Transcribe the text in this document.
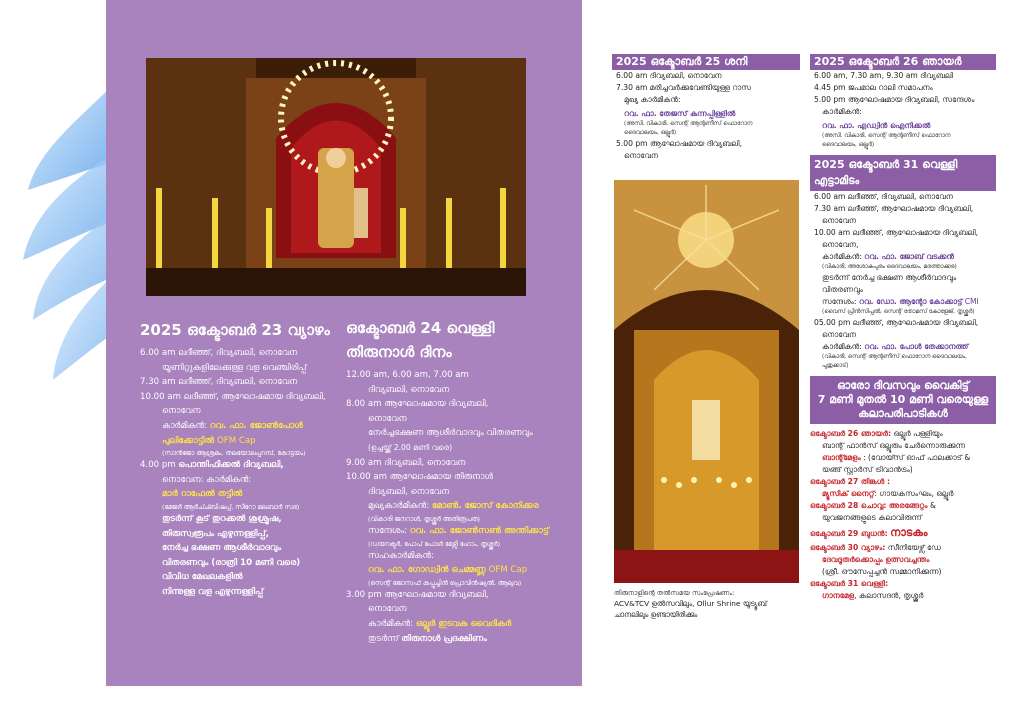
2025 ഒക്ടോബർ 23 വ്യാഴം
6.00 am ലദീഞ്ഞ്, ദിവ്യബലി, നൊവേന
യൂണിറ്റുകളിലേക്കുള്ള വള വെഞ്ചിരിപ്പ്
7.30 am ലദീഞ്ഞ്, ദിവ്യബലി, നൊവേന
10.00 am ലദീഞ്ഞ്, ആഘോഷമായ ദിവ്യബലി,
നൊവേന
കാർമികൻ: റവ. ഫാ. ജോൺപോൾ
പുലിക്കോട്ടിൽ OFM Cap
(സാൻജോ ആശ്രമം, തലയോലപ്പറമ്പ്, കോട്ടയം)
4.00 pm പൊന്തിഫിക്കൽ ദിവ്യബലി,
നൊവേന: കാർമികൻ:
മാർ റാഫേൽ തട്ടിൽ
(മേജർ ആർച്ച്ബിഷപ്പ്, സീറോ മലബാർ സഭ)
തുടർന്ന് കൂട് തുറക്കൽ ശുശ്രൂഷ,
തിരുസ്വരൂപം എഴുന്നള്ളിപ്പ്,
നേർച്ച ഭക്ഷണ ആശീർവാദവും
വിതരണവും (രാത്രി 10 മണി വരെ)
വിവിധ മേഖലകളിൽ
നിന്നുള്ള വള എഴുന്നള്ളിപ്പ്
ഒക്ടോബർ 24 വെള്ളി
തിരുനാൾ ദിനം
12.00 am, 6.00 am, 7.00 am
ദിവ്യബലി, നൊവേന
8.00 am ആഘോഷമായ ദിവ്യബലി,
നൊവേന
നേർച്ചഭക്ഷണ ആശീർവാദവും വിതരണവും
(ഉച്ചയ്ക്ക് 2.00 മണി വരെ)
9.00 am ദിവ്യബലി, നൊവേന
10.00 am ആഘോഷമായ തിരുനാൾ
ദിവ്യബലി, നൊവേന
മുഖ്യകാർമികൻ: മോൺ. ജോസ് കോനിക്കര
(വികാരി ജനറാൾ, തൃശ്ശൂർ അതിരൂപത)
സന്ദേശം: റവ. ഫാ. ജോൺസൺ അന്തിക്കാട്ട്
(ഡയറക്ടർ, പോപ് പോൾ മേഴ്സി ഹോം, തൃശ്ശൂർ)
സഹകാർമികൻ:
റവ. ഫാ. ഗോഡ്വിൻ ചെമ്മണ്ണ OFM Cap
(സെന്റ് ജോസഫ് കപ്പൂച്ചിൻ പ്രൊവിൻഷ്യൽ, ആലുവ)
3.00 pm ആഘോഷമായ ദിവ്യബലി,
നൊവേന
കാർമികൻ: ഒല്ലൂർ ഇടവക വൈദികർ
തുടർന്ന് തിരുനാൾ പ്രദക്ഷിണം
2025 ഒക്ടോബർ 25 ശനി
6.00 am ദിവ്യബലി, നൊവേന
7.30 am മരിച്ചവർക്കുവേണ്ടിയുള്ള റാസ
മുഖ്യ കാർമികൻ:
റവ. ഫാ. തേജസ് കുന്നപ്പിള്ളിൽ
(അസി. വികാരി, സെന്റ് ആന്റണീസ് ഫൊറോന
ദൈവാലയം, ഒല്ലൂർ)
5.00 pm ആഘോഷമായ ദിവ്യബലി,
നൊവേന
തിരുനാളിന്റെ തൽസമയ സംപ്രേഷണം:
ACV&TCV ഉൽസവിലും, Ollur Shrine യൂട്യൂബ്
ചാനലിലും ഉണ്ടായിരിക്കും
2025 ഒക്ടോബർ 26 ഞായർ
6.00 am, 7.30 am, 9.30 am ദിവ്യബലി
4.45 pm ജപമാല റാലി സമാപനം
5.00 pm ആഘോഷമായ ദിവ്യബലി, സന്ദേശം
കാർമികൻ:
റവ. ഫാ. എഡ്വിൻ ഐനിക്കൽ
(അസി. വികാരി, സെന്റ് ആന്റണീസ് ഫൊറോന
ദൈവാലയം, ഒല്ലൂർ)
2025 ഒക്ടോബർ 31 വെള്ളി
എട്ടാമിടം
6.00 am ലദീഞ്ഞ്, ദിവ്യബലി, നൊവേന
7.30 am ലദീഞ്ഞ്, ആഘോഷമായ ദിവ്യബലി,
നൊവേന
10.00 am ലദീഞ്ഞ്, ആഘോഷമായ ദിവ്യബലി,
നൊവേന,
കാർമികൻ: റവ. ഫാ. ജോബ് വടക്കൻ
(വികാരി, അശോകപുരം ദൈവാലയം, മരത്താക്കര)
തുടർന്ന് നേർച്ച ഭക്ഷണ ആശീർവാദവും
വിതരണവും
സന്ദേശം: റവ. ഡോ. ആന്റോ കോക്കാട്ട് CMI
(വൈസ് പ്രിൻസിപ്പൽ, സെന്റ് തോമസ് കോളേജ്, തൃശ്ശൂർ)
05.00 pm ലദീഞ്ഞ്, ആഘോഷമായ ദിവ്യബലി,
നൊവേന
കാർമികൻ: റവ. ഫാ. പോൾ തേക്കാനത്ത്
(വികാരി, സെന്റ് ആന്റണീസ് ഫൊറോന ദൈവാലയം,
പുതുക്കാട്)
ഓരോ ദിവസവും വൈകിട്ട്
7 മണി മുതൽ 10 മണി വരെയുള്ള
കലാപരിപാടികൾ
ഒക്ടോബർ 26 ഞായർ: ഒല്ലൂർ പള്ളിയും
ബാന്റ് ഫാൻസ് ഒല്ലൂരും ചേർന്നൊരുക്കുന്ന
ബാന്റ്മേളം : (വോയ്സ് ഓഫ് പാലക്കാട് &
യങ്ങ് സ്റ്റാർസ് ട്രിവാൻട്രം)
ഒക്ടോബർ 27 തിങ്കൾ :
മ്യൂസിക് നൈറ്റ്: ഗായകസംഘം, ഒല്ലൂർ
ഒക്ടോബർ 28 ചൊവ്വ: അരങ്ങേറ്റം &
യുവജനങ്ങളുടെ കലാവിരുന്ന്
ഒക്ടോബർ 29 ബുധൻ: നാടകം
ഒക്ടോബർ 30 വ്യാഴം: സീനിയേഴ്സ് ഡേ
ദേവദൂതർക്കൊപ്പം ഉത്സവച്ചന്തം
(ശ്രീ. ഔസേപ്പച്ചൻ സമ്മാനിക്കുന്ന)
ഒക്ടോബർ 31 വെള്ളി:
ഗാനമേള, കലാസദൻ, തൃശ്ശൂർ
